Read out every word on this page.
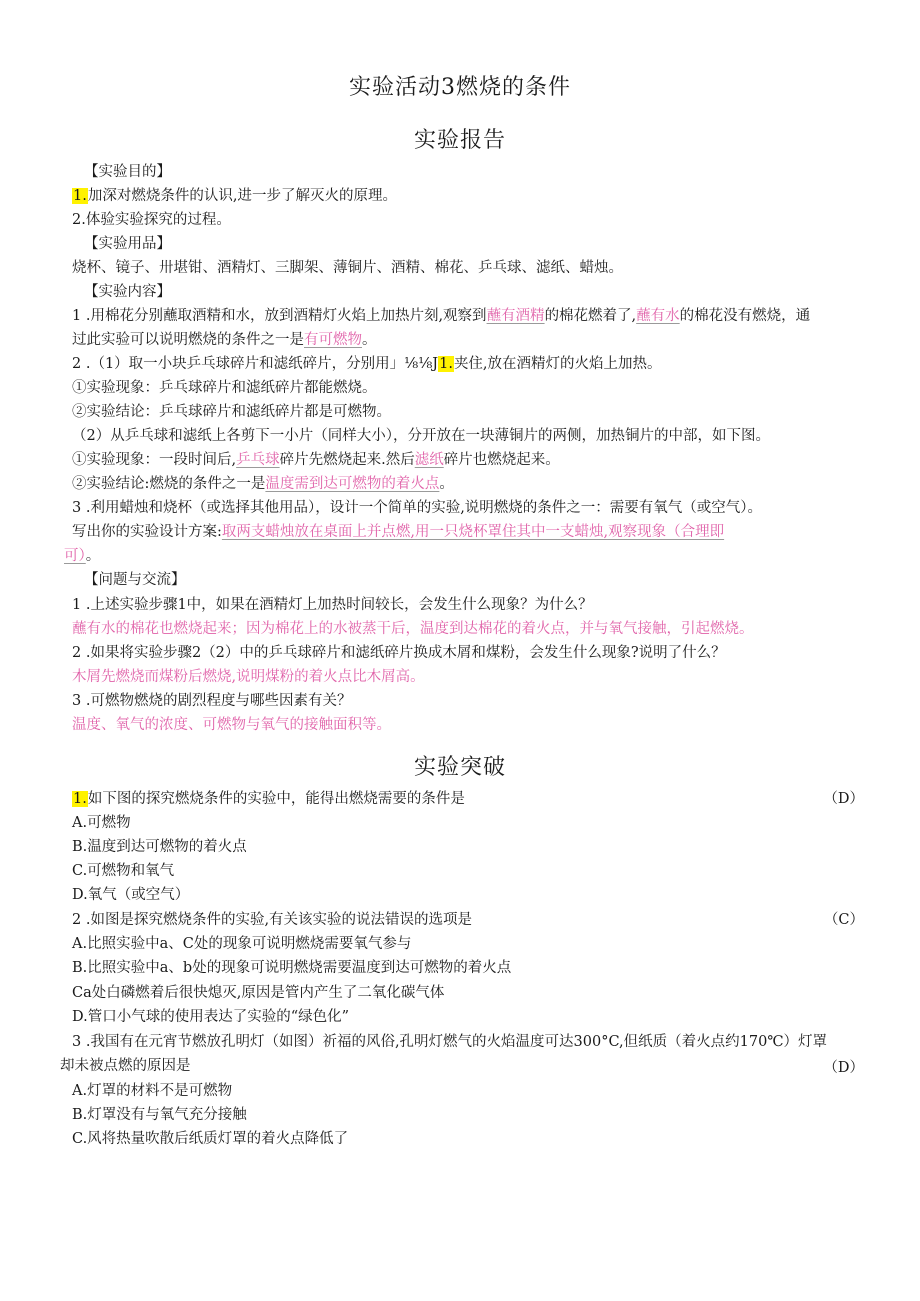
实验活动3燃烧的条件
实验报告
【实验目的】
1.加深对燃烧条件的认识,进一步了解灭火的原理。
2.体验实验探究的过程。
【实验用品】
烧杯、镜子、卅堪钳、酒精灯、三脚架、薄铜片、酒精、棉花、乒乓球、滤纸、蜡烛。
【实验内容】
1 .用棉花分别蘸取酒精和水，放到酒精灯火焰上加热片刻,观察到蘸有酒精的棉花燃着了,蘸有水的棉花没有燃烧，通
过此实验可以说明燃烧的条件之一是有可燃物。
2 .（1）取一小块乒乓球碎片和滤纸碎片，分别用」⅛⅛J1.夹住,放在酒精灯的火焰上加热。
①实验现象：乒乓球碎片和滤纸碎片都能燃烧。
②实验结论：乒乓球碎片和滤纸碎片都是可燃物。
（2）从乒乓球和滤纸上各剪下一小片（同样大小），分开放在一块薄铜片的两侧，加热铜片的中部，如下图。
①实验现象：一段时间后,乒乓球碎片先燃烧起来.然后滤纸碎片也燃烧起来。
②实验结论:燃烧的条件之一是温度需到达可燃物的着火点。
3 .利用蜡烛和烧杯（或选择其他用品），设计一个简单的实验,说明燃烧的条件之一：需要有氧气（或空气）。
写出你的实验设计方案:取两支蜡烛放在桌面上并点燃,用一只烧杯罩住其中一支蜡烛,观察现象（合理即
可）。
【问题与交流】
1 .上述实验步骤1中，如果在酒精灯上加热时间较长，会发生什么现象？为什么？
蘸有水的棉花也燃烧起来；因为棉花上的水被蒸干后，温度到达棉花的着火点，并与氧气接触，引起燃烧。
2 .如果将实验步骤2（2）中的乒乓球碎片和滤纸碎片换成木屑和煤粉，会发生什么现象?说明了什么？
木屑先燃烧而煤粉后燃烧,说明煤粉的着火点比木屑高。
3 .可燃物燃烧的剧烈程度与哪些因素有关？
温度、氧气的浓度、可燃物与氧气的接触面积等。
实验突破
1.如下图的探究燃烧条件的实验中，能得出燃烧需要的条件是	（D）
A.可燃物
B.温度到达可燃物的着火点
C.可燃物和氧气
D.氧气（或空气）
2 .如图是探究燃烧条件的实验,有关该实验的说法错误的选项是	（C）
A.比照实验中a、C处的现象可说明燃烧需要氧气参与
B.比照实验中a、b处的现象可说明燃烧需要温度到达可燃物的着火点
Ca处白磷燃着后很快熄灭,原因是管内产生了二氧化碳气体
D.管口小气球的使用表达了实验的“绿色化”
3 .我国有在元宵节燃放孔明灯（如图）祈福的风俗,孔明灯燃气的火焰温度可达300°C,但纸质（着火点约170℃）灯罩
却未被点燃的原因是	（D）
A.灯罩的材料不是可燃物
B.灯罩没有与氧气充分接触
C.风将热量吹散后纸质灯罩的着火点降低了
